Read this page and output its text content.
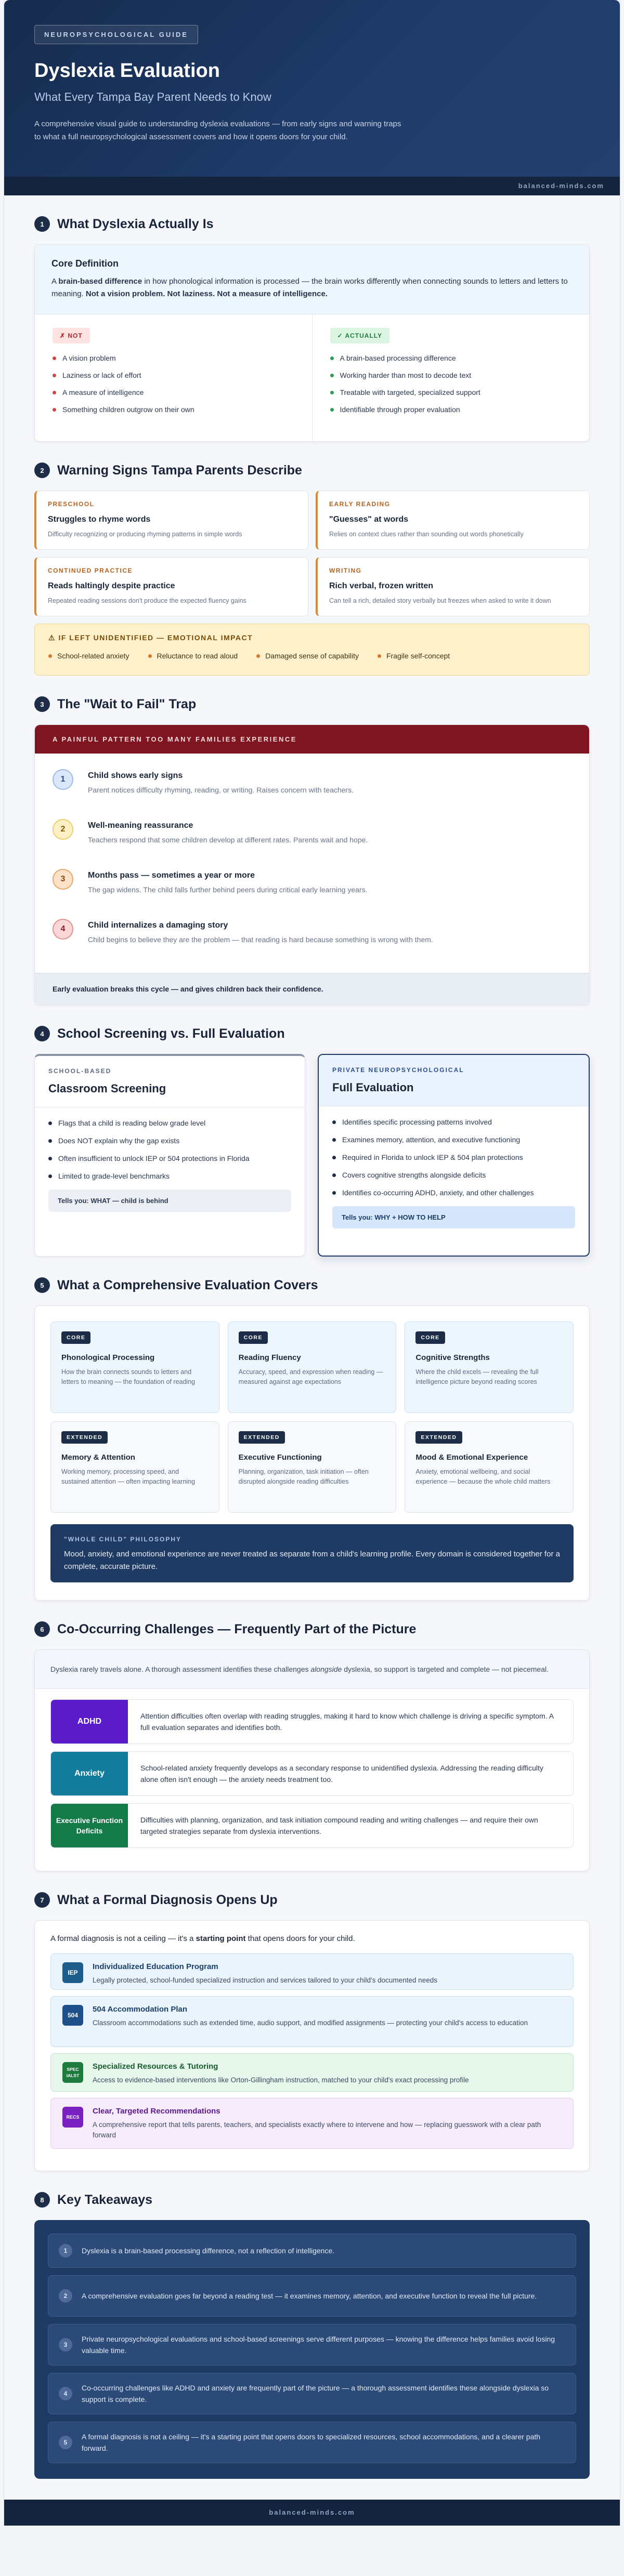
NEUROPSYCHOLOGICAL GUIDE
Dyslexia Evaluation
What Every Tampa Bay Parent Needs to Know

A comprehensive visual guide to understanding dyslexia evaluations — from early signs and warning traps to what a full neuropsychological assessment covers and how it opens doors for your child.

balanced-minds.com
1	What Dyslexia Actually Is
Core Definition

A brain-based difference in how phonological information is processed — the brain works differently when connecting sounds to letters and letters to meaning. Not a vision problem. Not laziness. Not a measure of intelligence.

✗ NOT
A vision problem
Laziness or lack of effort
A measure of intelligence
Something children outgrow on their own
✓ ACTUALLY
A brain-based processing difference
Working harder than most to decode text
Treatable with targeted, specialized support
Identifiable through proper evaluation
2	Warning Signs Tampa Parents Describe
PRESCHOOL
Struggles to rhyme words
Difficulty recognizing or producing rhyming patterns in simple words
EARLY READING
"Guesses" at words
Relies on context clues rather than sounding out words phonetically
CONTINUED PRACTICE
Reads haltingly despite practice
Repeated reading sessions don't produce the expected fluency gains
WRITING
Rich verbal, frozen written
Can tell a rich, detailed story verbally but freezes when asked to write it down
⚠ IF LEFT UNIDENTIFIED — EMOTIONAL IMPACT
School-related anxiety	Reluctance to read aloud	Damaged sense of capability	Fragile self-concept
3	The "Wait to Fail" Trap
A PAINFUL PATTERN TOO MANY FAMILIES EXPERIENCE
1	Child shows early signs
Parent notices difficulty rhyming, reading, or writing. Raises concern with teachers.
2	Well-meaning reassurance
Teachers respond that some children develop at different rates. Parents wait and hope.
3	Months pass — sometimes a year or more
The gap widens. The child falls further behind peers during critical early learning years.
4	Child internalizes a damaging story
Child begins to believe they are the problem — that reading is hard because something is wrong with them.
Early evaluation breaks this cycle — and gives children back their confidence.
4	School Screening vs. Full Evaluation
SCHOOL-BASED
Classroom Screening
Flags that a child is reading below grade level
Does NOT explain why the gap exists
Often insufficient to unlock IEP or 504 protections in Florida
Limited to grade-level benchmarks
Tells you: WHAT — child is behind
PRIVATE NEUROPSYCHOLOGICAL
Full Evaluation
Identifies specific processing patterns involved
Examines memory, attention, and executive functioning
Required in Florida to unlock IEP & 504 plan protections
Covers cognitive strengths alongside deficits
Identifies co-occurring ADHD, anxiety, and other challenges
Tells you: WHY + HOW TO HELP
5	What a Comprehensive Evaluation Covers
CORE
Phonological Processing
How the brain connects sounds to letters and letters to meaning — the foundation of reading
CORE
Reading Fluency
Accuracy, speed, and expression when reading — measured against age expectations
CORE
Cognitive Strengths
Where the child excels — revealing the full intelligence picture beyond reading scores
EXTENDED
Memory & Attention
Working memory, processing speed, and sustained attention — often impacting learning
EXTENDED
Executive Functioning
Planning, organization, task initiation — often disrupted alongside reading difficulties
EXTENDED
Mood & Emotional Experience
Anxiety, emotional wellbeing, and social experience — because the whole child matters
"WHOLE CHILD" PHILOSOPHY
Mood, anxiety, and emotional experience are never treated as separate from a child's learning profile. Every domain is considered together for a complete, accurate picture.
6	Co-Occurring Challenges — Frequently Part of the Picture
Dyslexia rarely travels alone. A thorough assessment identifies these challenges alongside dyslexia, so support is targeted and complete — not piecemeal.
ADHD
Attention difficulties often overlap with reading struggles, making it hard to know which challenge is driving a specific symptom. A full evaluation separates and identifies both.
Anxiety
School-related anxiety frequently develops as a secondary response to unidentified dyslexia. Addressing the reading difficulty alone often isn't enough — the anxiety needs treatment too.
Executive Function Deficits
Difficulties with planning, organization, and task initiation compound reading and writing challenges — and require their own targeted strategies separate from dyslexia interventions.
7	What a Formal Diagnosis Opens Up

A formal diagnosis is not a ceiling — it's a starting point that opens doors for your child.

IEP
Individualized Education Program
Legally protected, school-funded specialized instruction and services tailored to your child's documented needs
504
504 Accommodation Plan
Classroom accommodations such as extended time, audio support, and modified assignments — protecting your child's access to education
SPEC IALST
Specialized Resources & Tutoring
Access to evidence-based interventions like Orton-Gillingham instruction, matched to your child's exact processing profile
RECS
Clear, Targeted Recommendations
A comprehensive report that tells parents, teachers, and specialists exactly where to intervene and how — replacing guesswork with a clear path forward
8	Key Takeaways
1	Dyslexia is a brain-based processing difference, not a reflection of intelligence.
2	A comprehensive evaluation goes far beyond a reading test — it examines memory, attention, and executive function to reveal the full picture.
3
Private neuropsychological evaluations and school-based screenings serve different purposes — knowing the difference helps families avoid losing valuable time.
4
Co-occurring challenges like ADHD and anxiety are frequently part of the picture — a thorough assessment identifies these alongside dyslexia so support is complete.
5
A formal diagnosis is not a ceiling — it's a starting point that opens doors to specialized resources, school accommodations, and a clearer path forward.
balanced-minds.com
